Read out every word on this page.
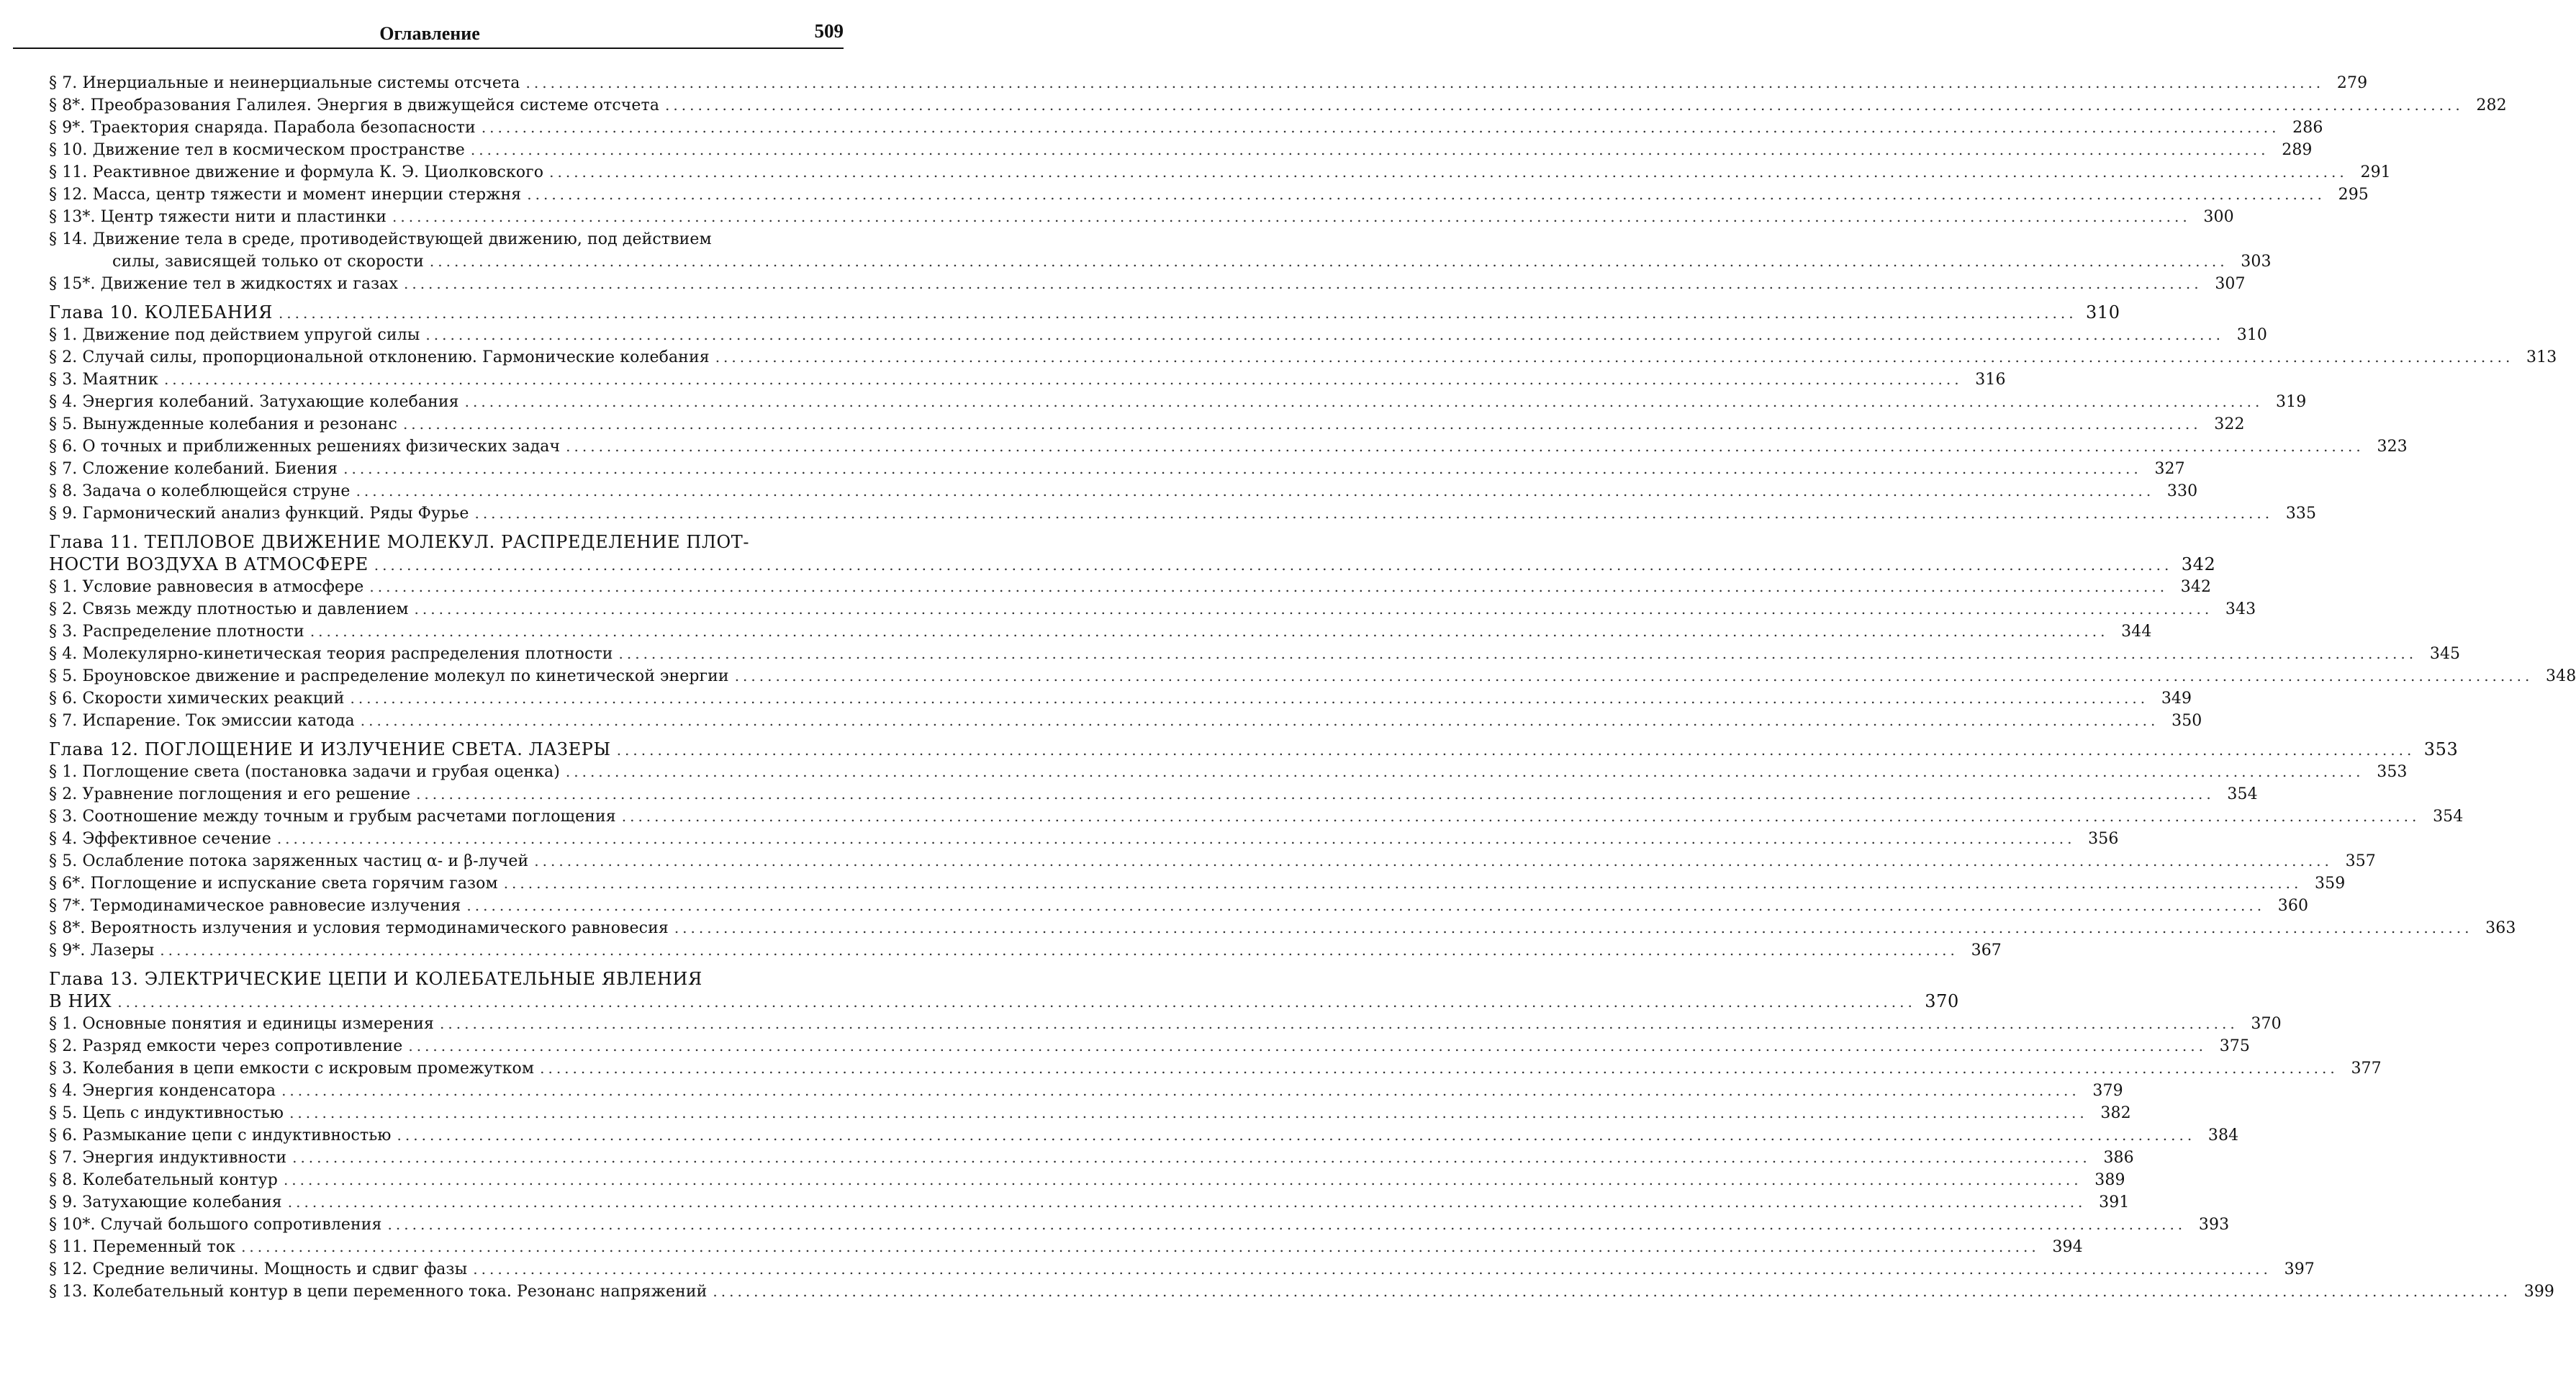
Оглавление	509
§ 7. Инерциальные и неинерциальные системы отсчета ............................................................................................................................................................................................................................ 279
§ 8*. Преобразования Галилея. Энергия в движущейся системе отсчета ............................................................................................................................................................................................................................ 282
§ 9*. Траектория снаряда. Парабола безопасности ............................................................................................................................................................................................................................ 286
§ 10. Движение тел в космическом пространстве ............................................................................................................................................................................................................................ 289
§ 11. Реактивное движение и формула К. Э. Циолковского ............................................................................................................................................................................................................................ 291
§ 12. Масса, центр тяжести и момент инерции стержня ............................................................................................................................................................................................................................ 295
§ 13*. Центр тяжести нити и пластинки ............................................................................................................................................................................................................................ 300
§ 14. Движение тела в среде, противодействующей движению, под действием
силы, зависящей только от скорости ............................................................................................................................................................................................................................ 303
§ 15*. Движение тел в жидкостях и газах ............................................................................................................................................................................................................................ 307
Глава 10. КОЛЕБАНИЯ ............................................................................................................................................................................................................................ 310
§ 1. Движение под действием упругой силы ............................................................................................................................................................................................................................ 310
§ 2. Случай силы, пропорциональной отклонению. Гармонические колебания ............................................................................................................................................................................................................................ 313
§ 3. Маятник ............................................................................................................................................................................................................................ 316
§ 4. Энергия колебаний. Затухающие колебания ............................................................................................................................................................................................................................ 319
§ 5. Вынужденные колебания и резонанс ............................................................................................................................................................................................................................ 322
§ 6. О точных и приближенных решениях физических задач ............................................................................................................................................................................................................................ 323
§ 7. Сложение колебаний. Биения ............................................................................................................................................................................................................................ 327
§ 8. Задача о колеблющейся струне ............................................................................................................................................................................................................................ 330
§ 9. Гармонический анализ функций. Ряды Фурье ............................................................................................................................................................................................................................ 335
Глава 11. ТЕПЛОВОЕ ДВИЖЕНИЕ МОЛЕКУЛ. РАСПРЕДЕЛЕНИЕ ПЛОТ-
НОСТИ ВОЗДУХА В АТМОСФЕРЕ ............................................................................................................................................................................................................................ 342
§ 1. Условие равновесия в атмосфере ............................................................................................................................................................................................................................ 342
§ 2. Связь между плотностью и давлением ............................................................................................................................................................................................................................ 343
§ 3. Распределение плотности ............................................................................................................................................................................................................................ 344
§ 4. Молекулярно-кинетическая теория распределения плотности ............................................................................................................................................................................................................................ 345
§ 5. Броуновское движение и распределение молекул по кинетической энергии ............................................................................................................................................................................................................................ 348
§ 6. Скорости химических реакций ............................................................................................................................................................................................................................ 349
§ 7. Испарение. Ток эмиссии катода ............................................................................................................................................................................................................................ 350
Глава 12. ПОГЛОЩЕНИЕ И ИЗЛУЧЕНИЕ СВЕТА. ЛАЗЕРЫ ............................................................................................................................................................................................................................ 353
§ 1. Поглощение света (постановка задачи и грубая оценка) ............................................................................................................................................................................................................................ 353
§ 2. Уравнение поглощения и его решение ............................................................................................................................................................................................................................ 354
§ 3. Соотношение между точным и грубым расчетами поглощения ............................................................................................................................................................................................................................ 354
§ 4. Эффективное сечение ............................................................................................................................................................................................................................ 356
§ 5. Ослабление потока заряженных частиц α- и β-лучей ............................................................................................................................................................................................................................ 357
§ 6*. Поглощение и испускание света горячим газом ............................................................................................................................................................................................................................ 359
§ 7*. Термодинамическое равновесие излучения ............................................................................................................................................................................................................................ 360
§ 8*. Вероятность излучения и условия термодинамического равновесия ............................................................................................................................................................................................................................ 363
§ 9*. Лазеры ............................................................................................................................................................................................................................ 367
Глава 13. ЭЛЕКТРИЧЕСКИЕ ЦЕПИ И КОЛЕБАТЕЛЬНЫЕ ЯВЛЕНИЯ
В НИХ ............................................................................................................................................................................................................................ 370
§ 1. Основные понятия и единицы измерения ............................................................................................................................................................................................................................ 370
§ 2. Разряд емкости через сопротивление ............................................................................................................................................................................................................................ 375
§ 3. Колебания в цепи емкости с искровым промежутком ............................................................................................................................................................................................................................ 377
§ 4. Энергия конденсатора ............................................................................................................................................................................................................................ 379
§ 5. Цепь с индуктивностью ............................................................................................................................................................................................................................ 382
§ 6. Размыкание цепи с индуктивностью ............................................................................................................................................................................................................................ 384
§ 7. Энергия индуктивности ............................................................................................................................................................................................................................ 386
§ 8. Колебательный контур ............................................................................................................................................................................................................................ 389
§ 9. Затухающие колебания ............................................................................................................................................................................................................................ 391
§ 10*. Случай большого сопротивления ............................................................................................................................................................................................................................ 393
§ 11. Переменный ток ............................................................................................................................................................................................................................ 394
§ 12. Средние величины. Мощность и сдвиг фазы ............................................................................................................................................................................................................................ 397
§ 13. Колебательный контур в цепи переменного тока. Резонанс напряжений ............................................................................................................................................................................................................................ 399
